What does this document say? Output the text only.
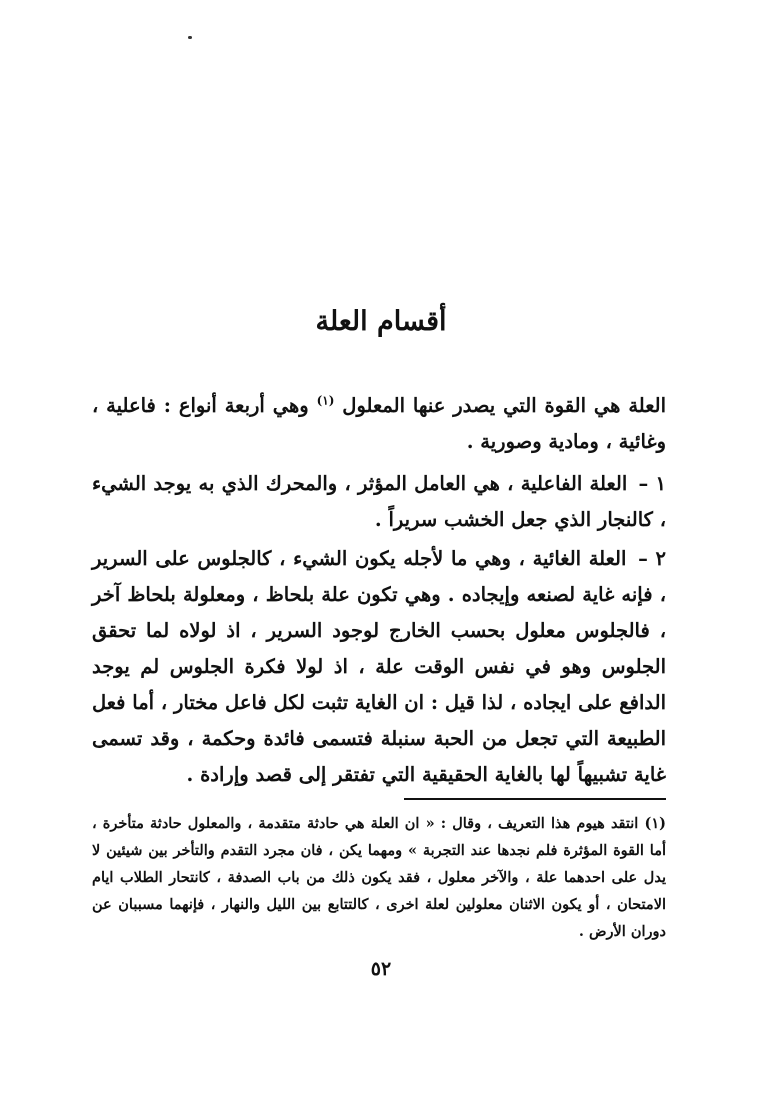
أقسام العلة

العلة هي القوة التي يصدر عنها المعلول $^{(١)}$ وهي أربعة أنواع : فاعلية ، وغائية ، ومادية وصورية .

١ – العلة الفاعلية ، هي العامل المؤثر ، والمحرك الذي به يوجد الشيء ، كالنجار الذي جعل الخشب سريراً .

٢ – العلة الغائية ، وهي ما لأجله يكون الشيء ، كالجلوس على السرير ، فإنه غاية لصنعه وإيجاده . وهي تكون علة بلحاظ ، ومعلولة بلحاظ آخر ، فالجلوس معلول بحسب الخارج لوجود السرير ، اذ لولاه لما تحقق الجلوس وهو في نفس الوقت علة ، اذ لولا فكرة الجلوس لم يوجد الدافع على ايجاده ، لذا قيل : ان الغاية تثبت لكل فاعل مختار ، أما فعل الطبيعة التي تجعل من الحبة سنبلة فتسمى فائدة وحكمة ، وقد تسمى غاية تشبيهاً لها بالغاية الحقيقية التي تفتقر إلى قصد وإرادة .

(١) انتقد هيوم هذا التعريف ، وقال : « ان العلة هي حادثة متقدمة ، والمعلول حادثة متأخرة ، أما القوة المؤثرة فلم نجدها عند التجربة » ومهما يكن ، فان مجرد التقدم والتأخر بين شيئين لا يدل على احدهما علة ، والآخر معلول ، فقد يكون ذلك من باب الصدفة ، كانتحار الطلاب ايام الامتحان ، أو يكون الاثنان معلولين لعلة اخرى ، كالتتابع بين الليل والنهار ، فإنهما مسببان عن دوران الأرض .

٥٢
